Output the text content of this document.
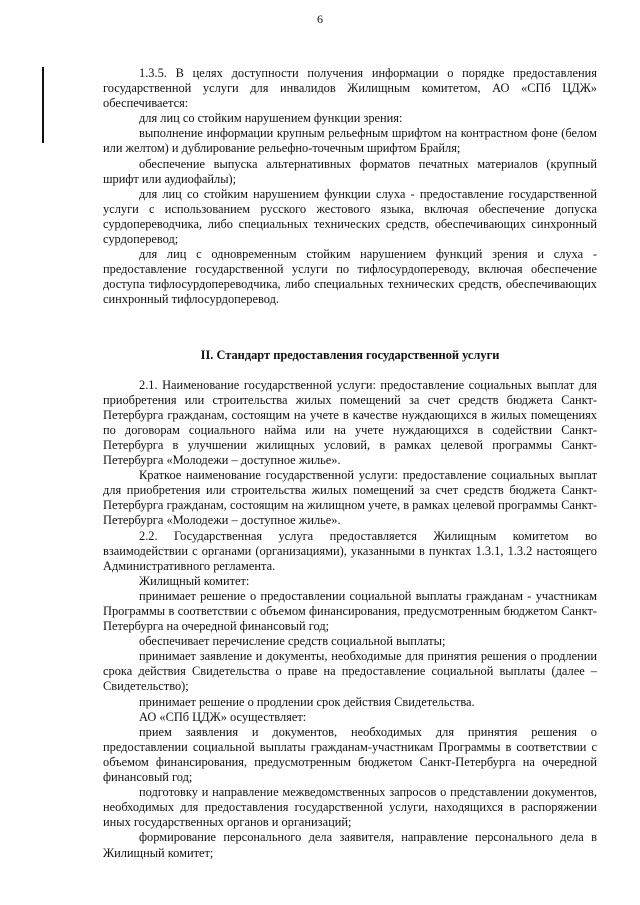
6

1.3.5. В целях доступности получения информации о порядке предоставления государственной услуги для инвалидов Жилищным комитетом, АО «СПб ЦДЖ» обеспечивается:

для лиц со стойким нарушением функции зрения:

выполнение информации крупным рельефным шрифтом на контрастном фоне (белом или желтом) и дублирование рельефно-точечным шрифтом Брайля;

обеспечение выпуска альтернативных форматов печатных материалов (крупный шрифт или аудиофайлы);

для лиц со стойким нарушением функции слуха - предоставление государственной услуги с использованием русского жестового языка, включая обеспечение допуска сурдопереводчика, либо специальных технических средств, обеспечивающих синхронный сурдоперевод;

для лиц с одновременным стойким нарушением функций зрения и слуха - предоставление государственной услуги по тифлосурдопереводу, включая обеспечение доступа тифлосурдопереводчика, либо специальных технических средств, обеспечивающих синхронный тифлосурдоперевод.

II. Стандарт предоставления государственной услуги

2.1. Наименование государственной услуги: предоставление социальных выплат для приобретения или строительства жилых помещений за счет средств бюджета Санкт-Петербурга гражданам, состоящим на учете в качестве нуждающихся в жилых помещениях по договорам социального найма или на учете нуждающихся в содействии Санкт-Петербурга в улучшении жилищных условий, в рамках целевой программы Санкт-Петербурга «Молодежи – доступное жилье».

Краткое наименование государственной услуги: предоставление социальных выплат для приобретения или строительства жилых помещений за счет средств бюджета Санкт-Петербурга гражданам, состоящим на жилищном учете, в рамках целевой программы Санкт-Петербурга «Молодежи – доступное жилье».

2.2. Государственная услуга предоставляется Жилищным комитетом во взаимодействии с органами (организациями), указанными в пунктах 1.3.1, 1.3.2 настоящего Административного регламента.

Жилищный комитет:

принимает решение о предоставлении социальной выплаты гражданам - участникам Программы в соответствии с объемом финансирования, предусмотренным бюджетом Санкт-Петербурга на очередной финансовый год;

обеспечивает перечисление средств социальной выплаты;

принимает заявление и документы, необходимые для принятия решения о продлении срока действия Свидетельства о праве на предоставление социальной выплаты (далее – Свидетельство);

принимает решение о продлении срок действия Свидетельства.

АО «СПб ЦДЖ» осуществляет:

прием заявления и документов, необходимых для принятия решения о предоставлении социальной выплаты гражданам-участникам Программы в соответствии с объемом финансирования, предусмотренным бюджетом Санкт-Петербурга на очередной финансовый год;

подготовку и направление межведомственных запросов о представлении документов, необходимых для предоставления государственной услуги, находящихся в распоряжении иных государственных органов и организаций;

формирование персонального дела заявителя, направление персонального дела в Жилищный комитет;
